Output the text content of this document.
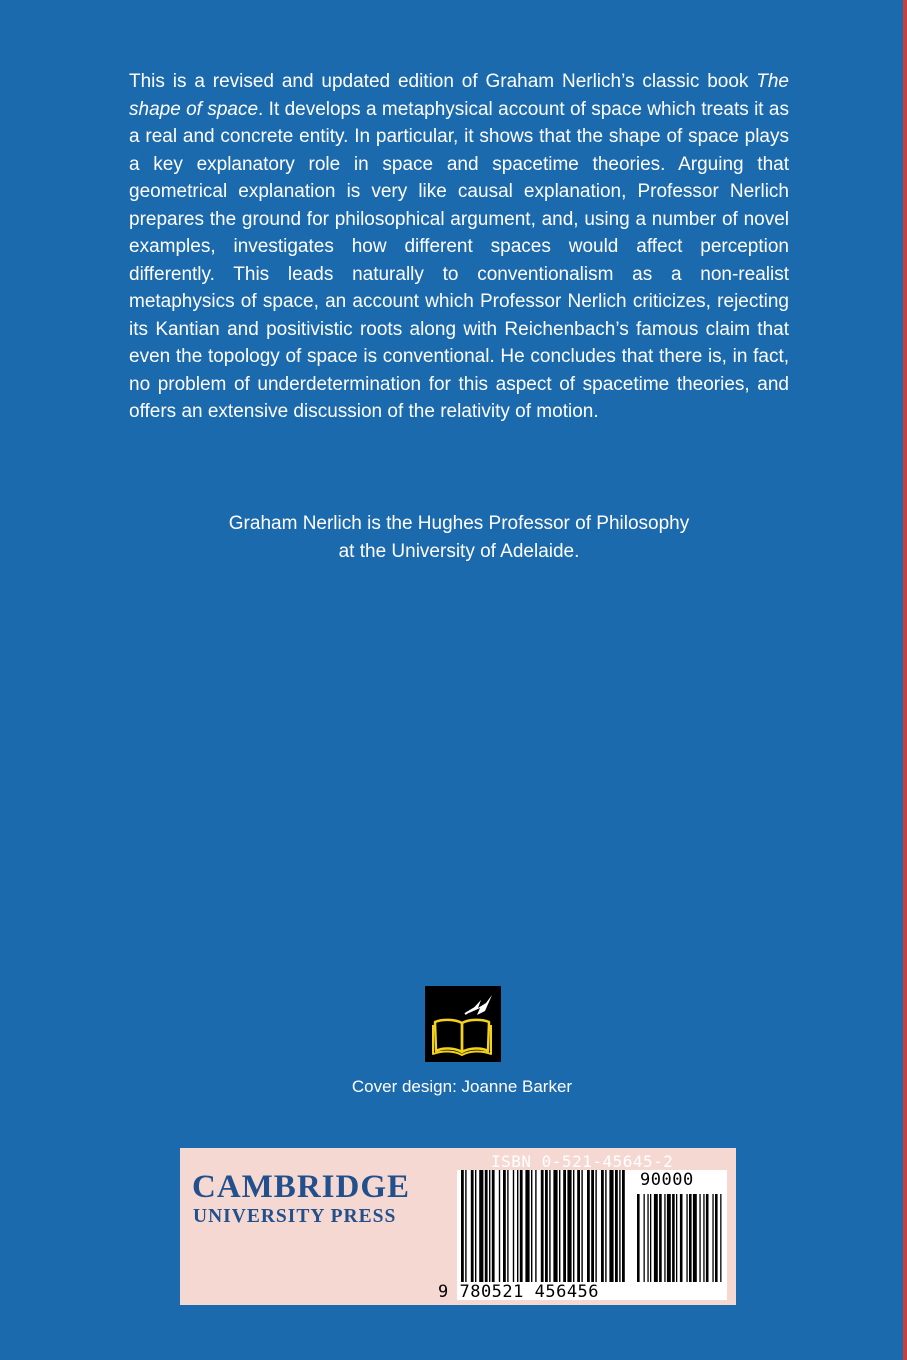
This is a revised and updated edition of Graham Nerlich’s classic book The shape of space. It develops a metaphysical account of space which treats it as a real and concrete entity. In particular, it shows that the shape of space plays a key explanatory role in space and spacetime theories. Arguing that geometrical explanation is very like causal explanation, Professor Nerlich prepares the ground for philosophical argument, and, using a number of novel examples, investigates how different spaces would affect perception differently. This leads naturally to conventionalism as a non-realist metaphysics of space, an account which Professor Nerlich criticizes, rejecting its Kantian and positivistic roots along with Reichenbach’s famous claim that even the topology of space is conventional. He concludes that there is, in fact, no problem of underdetermination for this aspect of spacetime theories, and offers an extensive discussion of the relativity of motion.

Graham Nerlich is the Hughes Professor of Philosophy
at the University of Adelaide.

Cover design: Joanne Barker

CAMBRIDGE
UNIVERSITY PRESS
ISBN 0-521-45645-2
90000
9 780521 456456
